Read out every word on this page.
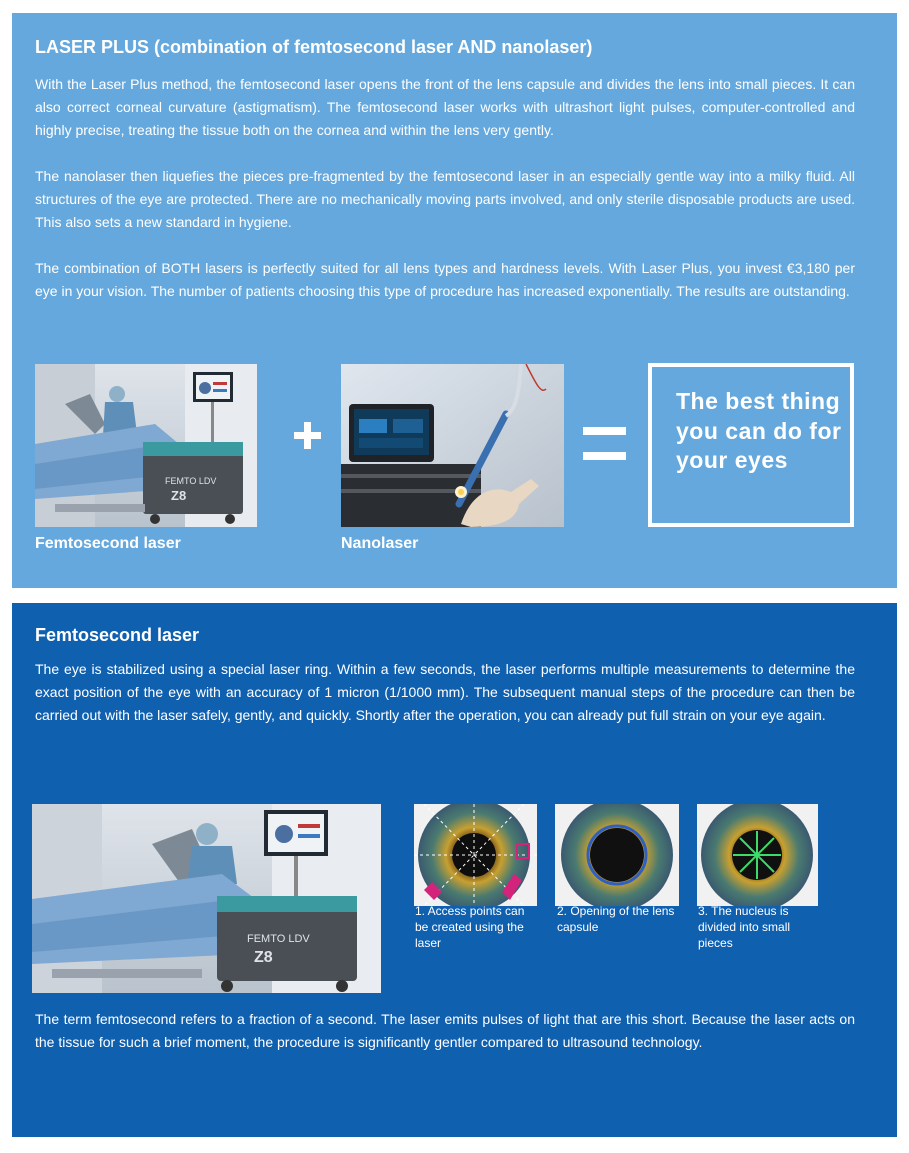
LASER PLUS (combination of femtosecond laser AND nanolaser)

With the Laser Plus method, the femtosecond laser opens the front of the lens capsule and divides the lens into small pieces. It can also correct corneal curvature (astigmatism). The femtosecond laser works with ultrashort light pulses, computer-controlled and highly precise, treating the tissue both on the cornea and within the lens very gently.

The nanolaser then liquefies the pieces pre-fragmented by the femtosecond laser in an especially gentle way into a milky fluid. All structures of the eye are protected. There are no mechanically moving parts involved, and only sterile disposable products are used. This also sets a new standard in hygiene.

The combination of BOTH lasers is perfectly suited for all lens types and hardness levels. With Laser Plus, you invest €3,180 per eye in your vision. The number of patients choosing this type of procedure has increased exponentially. The results are outstanding.

FEMTO LDV
Z8

The best thing you can do for your eyes

Femtosecond laser	Nanolaser
Femtosecond laser

The eye is stabilized using a special laser ring. Within a few seconds, the laser performs multiple measurements to determine the exact position of the eye with an accuracy of 1 micron (1/1000 mm). The subsequent manual steps of the procedure can then be carried out with the laser safely, gently, and quickly. Shortly after the operation, you can already put full strain on your eye again.

FEMTO LDV
Z8
1. Access points can be created using the laser
2. Opening of the lens capsule
3. The nucleus is divided into small pieces

The term femtosecond refers to a fraction of a second. The laser emits pulses of light that are this short. Because the laser acts on the tissue for such a brief moment, the procedure is significantly gentler compared to ultrasound technology.
